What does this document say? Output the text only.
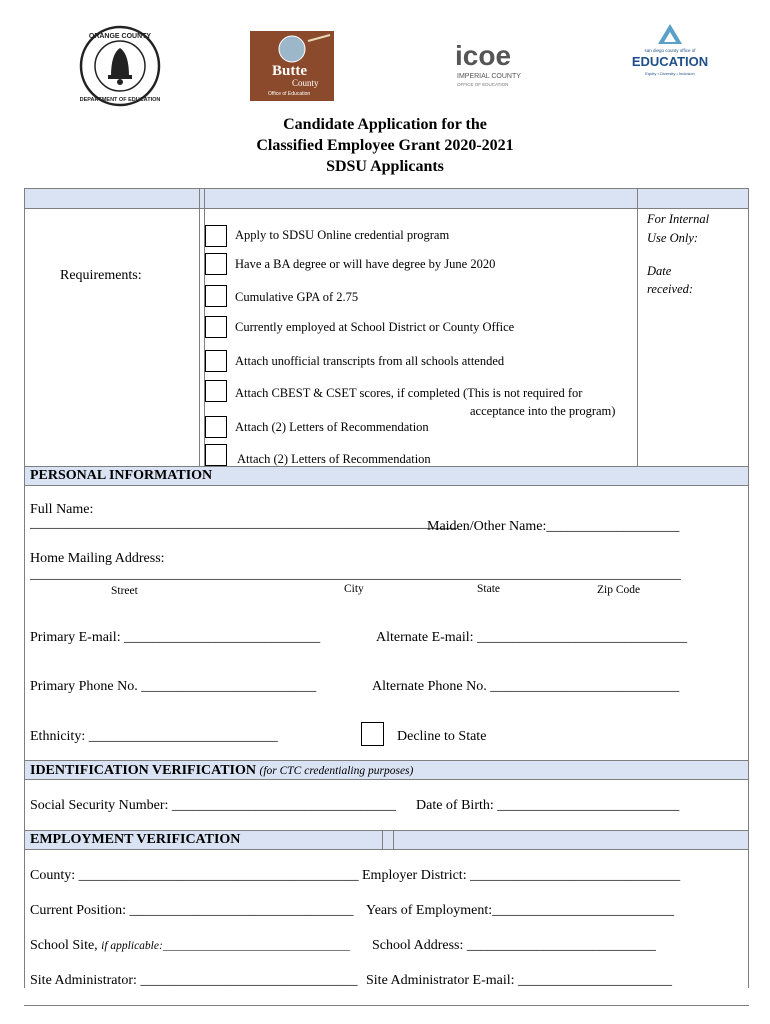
ORANGE COUNTY
DEPARTMENT OF EDUCATION
Butte
County
Office of Education
icoe
IMPERIAL COUNTY
OFFICE OF EDUCATION
san diego county office of
EDUCATION
Equity • Diversity • Inclusion
Candidate Application for the
Classified Employee Grant 2020-2021
SDSU Applicants
Requirements:
Apply to SDSU Online credential program
Have a BA degree or will have degree by June 2020
Cumulative GPA of 2.75
Currently employed at School District or County Office
Attach unofficial transcripts from all schools attended
Attach CBEST & CSET scores, if completed (This is not required for
acceptance into the program)
Attach (2) Letters of Recommendation
Attach (2) Letters of Recommendation
For Internal
Use Only:
Date
received:
PERSONAL INFORMATION
Full Name:
_____________________________________________________________
Maiden/Other Name:___________________
Home Mailing Address:
_____________________________________________________________________________________________
Street	City	State	Zip Code
Primary E-mail: ____________________________	Alternate E-mail: ______________________________
Primary Phone No. _________________________	Alternate Phone No. ___________________________
Ethnicity: ___________________________	Decline to State
IDENTIFICATION VERIFICATION (for CTC credentialing purposes)
Social Security Number: ________________________________ Date of Birth: __________________________
EMPLOYMENT VERIFICATION
County: ________________________________________ Employer District: ______________________________
Current Position: ________________________________ Years of Employment:__________________________
School Site, if applicable:__________________________________ School Address: ___________________________
Site Administrator: _______________________________ Site Administrator E-mail: ______________________
